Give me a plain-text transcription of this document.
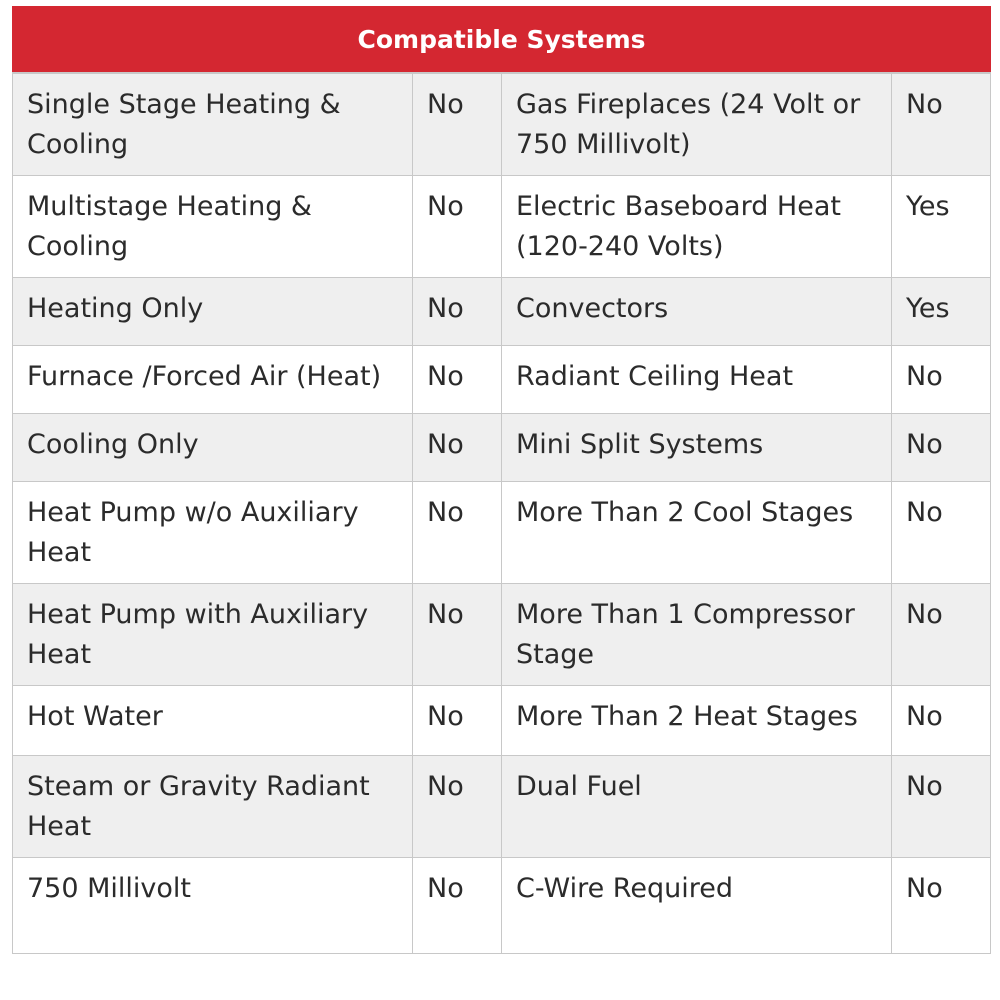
Compatible Systems			
Single Stage Heating & Cooling	No	Gas Fireplaces (24 Volt or 750 Millivolt)	No
Multistage Heating & Cooling	No	Electric Baseboard Heat (120-240 Volts)	Yes
Heating Only	No	Convectors	Yes
Furnace /Forced Air (Heat)	No	Radiant Ceiling Heat	No
Cooling Only	No	Mini Split Systems	No
Heat Pump w/o Auxiliary Heat	No	More Than 2 Cool Stages	No
Heat Pump with Auxiliary Heat	No	More Than 1 Compressor Stage	No
Hot Water	No	More Than 2 Heat Stages	No
Steam or Gravity Radiant Heat	No	Dual Fuel	No
750 Millivolt	No	C-Wire Required	No
